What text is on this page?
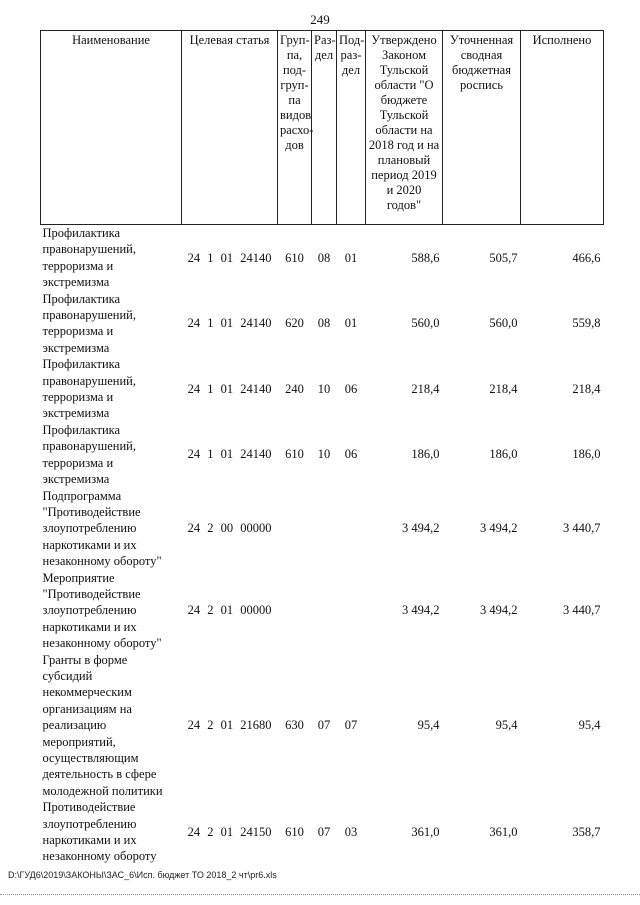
249
Наименование	Целевая статья	Груп-па, под-груп-па видов расхо-дов	Раз-дел	Под-раз-дел	Утверждено Законом Тульской области "О бюджете Тульской области на 2018 год и на плановый период 2019 и 2020 годов"	Уточненная сводная бюджетная роспись	Исполнено
Профилактика правонарушений, терроризма и экстремизма	24 1 01 24140	610	08	01	588,6	505,7	466,6
Профилактика правонарушений, терроризма и экстремизма	24 1 01 24140	620	08	01	560,0	560,0	559,8
Профилактика правонарушений, терроризма и экстремизма	24 1 01 24140	240	10	06	218,4	218,4	218,4
Профилактика правонарушений, терроризма и экстремизма	24 1 01 24140	610	10	06	186,0	186,0	186,0
Подпрограмма "Противодействие злоупотреблению наркотиками и их незаконному обороту"	24 2 00 00000				3 494,2	3 494,2	3 440,7
Мероприятие "Противодействие злоупотреблению наркотиками и их незаконному обороту"	24 2 01 00000				3 494,2	3 494,2	3 440,7
Гранты в форме субсидий некоммерческим организациям на реализацию мероприятий, осуществляющим деятельность в сфере молодежной политики	24 2 01 21680	630	07	07	95,4	95,4	95,4
Противодействие злоупотреблению наркотиками и их незаконному обороту	24 2 01 24150	610	07	03	361,0	361,0	358,7
D:\ГУД6\2019\ЗАКОНЫ\ЗАС_6\Исп. бюджет ТО 2018_2 чт\pr6.xls
